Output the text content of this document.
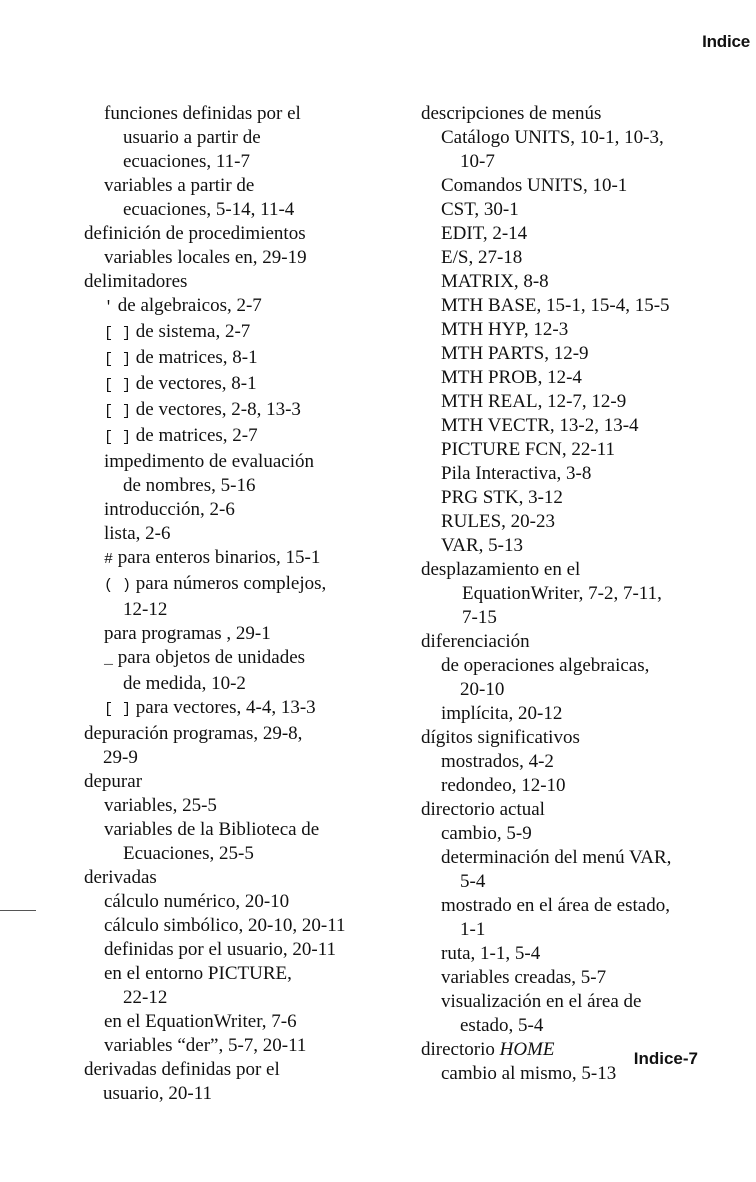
Indice
funciones definidas por el
usuario a partir de
ecuaciones, 11-7
variables a partir de
ecuaciones, 5-14, 11-4
definición de procedimientos
variables locales en, 29-19
delimitadores
' de algebraicos, 2-7
[ ] de sistema, 2-7
[ ] de matrices, 8-1
[ ] de vectores, 8-1
[ ] de vectores, 2-8, 13-3
[ ] de matrices, 2-7
impedimento de evaluación
de nombres, 5-16
introducción, 2-6
lista, 2-6
# para enteros binarios, 15-1
( ) para números complejos,
12-12
para programas , 29-1
_ para objetos de unidades
de medida, 10-2
[ ] para vectores, 4-4, 13-3
depuración programas, 29-8,
29-9
depurar
variables, 25-5
variables de la Biblioteca de
Ecuaciones, 25-5
derivadas
cálculo numérico, 20-10
cálculo simbólico, 20-10, 20-11
definidas por el usuario, 20-11
en el entorno PICTURE,
22-12
en el EquationWriter, 7-6
variables “der”, 5-7, 20-11
derivadas definidas por el
usuario, 20-11
descripciones de menús
Catálogo UNITS, 10-1, 10-3,
10-7
Comandos UNITS, 10-1
CST, 30-1
EDIT, 2-14
E/S, 27-18
MATRIX, 8-8
MTH BASE, 15-1, 15-4, 15-5
MTH HYP, 12-3
MTH PARTS, 12-9
MTH PROB, 12-4
MTH REAL, 12-7, 12-9
MTH VECTR, 13-2, 13-4
PICTURE FCN, 22-11
Pila Interactiva, 3-8
PRG STK, 3-12
RULES, 20-23
VAR, 5-13
desplazamiento en el
EquationWriter, 7-2, 7-11,
7-15
diferenciación
de operaciones algebraicas,
20-10
implícita, 20-12
dígitos significativos
mostrados, 4-2
redondeo, 12-10
directorio actual
cambio, 5-9
determinación del menú VAR,
5-4
mostrado en el área de estado,
1-1
ruta, 1-1, 5-4
variables creadas, 5-7
visualización en el área de
estado, 5-4
directorio HOME
cambio al mismo, 5-13
Indice-7
